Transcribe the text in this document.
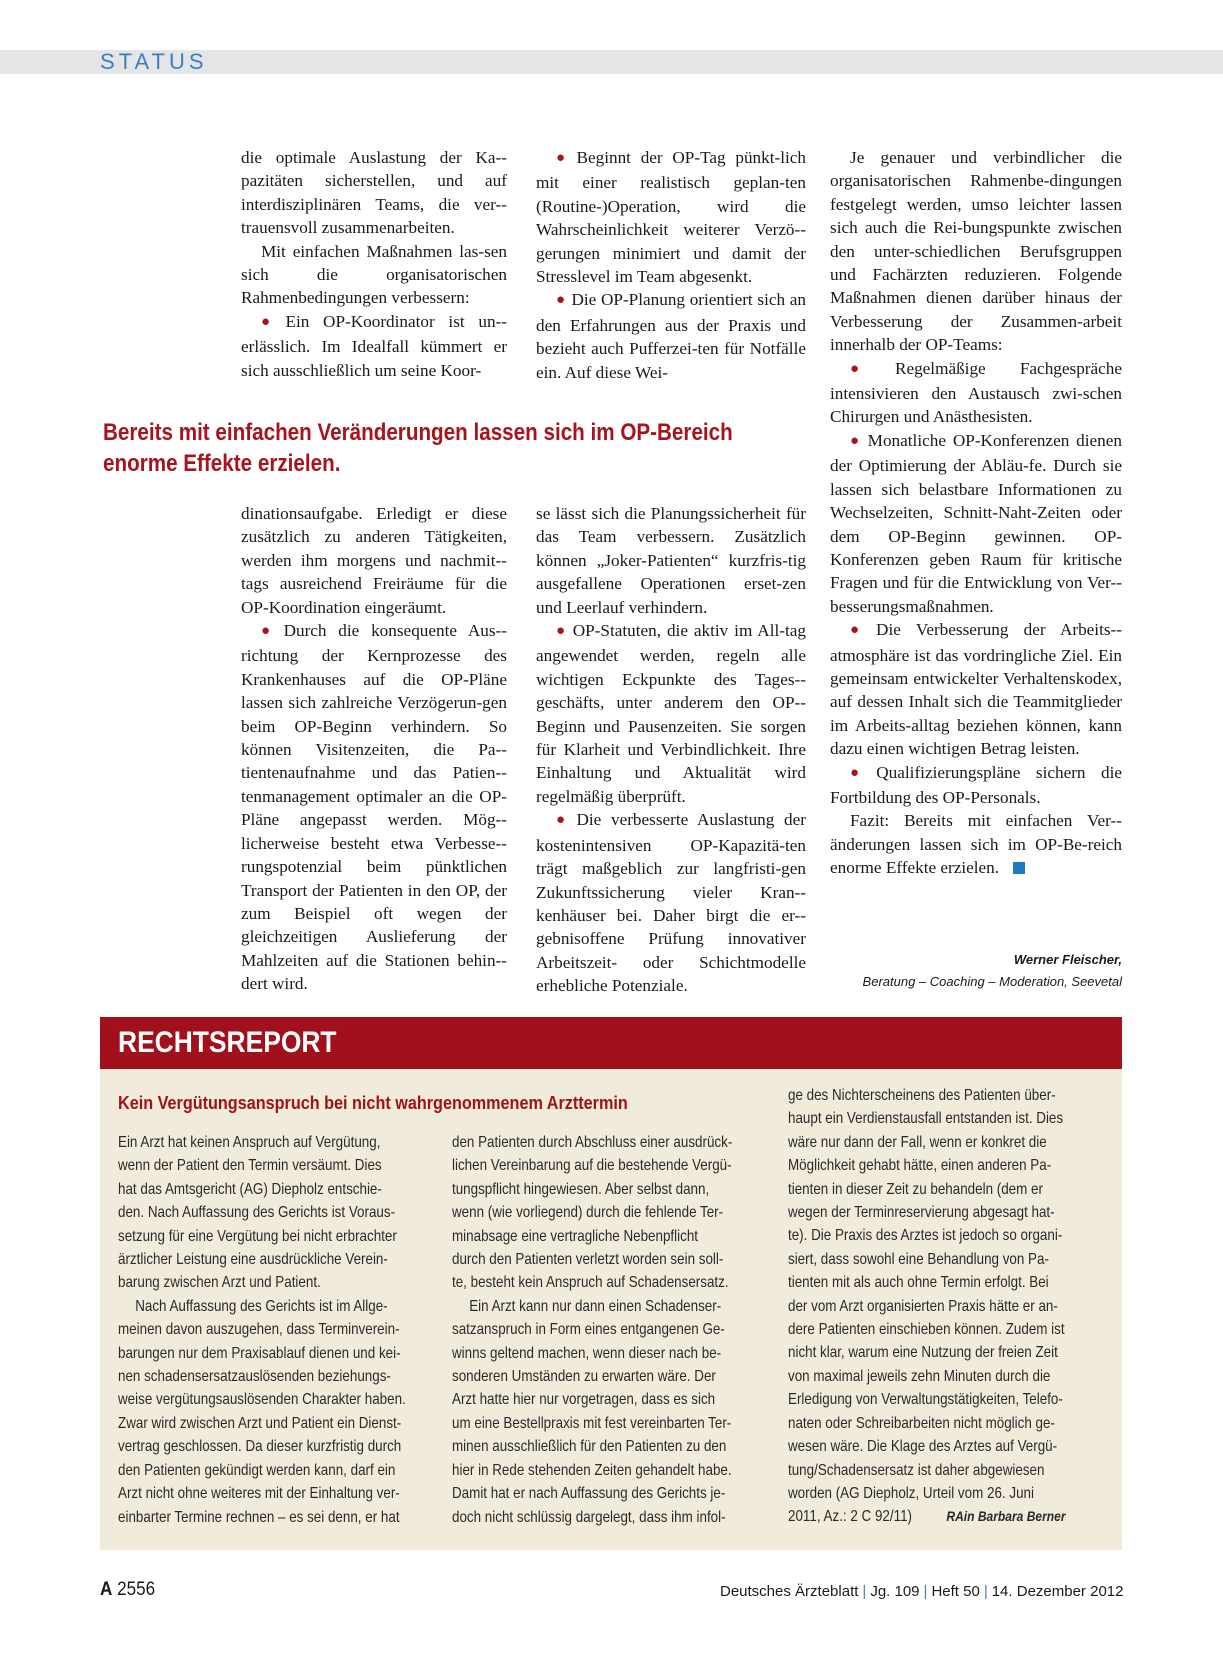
STATUS

die optimale Auslastung der Ka-pazitäten sicherstellen, und auf interdisziplinären Teams, die ver-trauensvoll zusammenarbeiten.

Mit einfachen Maßnahmen las-sen sich die organisatorischen Rahmenbedingungen verbessern:

● Ein OP-Koordinator ist un-erlässlich. Im Idealfall kümmert er sich ausschließlich um seine Koor-

● Beginnt der OP-Tag pünkt-lich mit einer realistisch geplan-ten (Routine-)Operation, wird die Wahrscheinlichkeit weiterer Verzö-gerungen minimiert und damit der Stresslevel im Team abgesenkt.

● Die OP-Planung orientiert sich an den Erfahrungen aus der Praxis und bezieht auch Pufferzei-ten für Notfälle ein. Auf diese Wei-

Bereits mit einfachen Veränderungen lassen sich im OP-Bereich enorme Effekte erzielen.

Je genauer und verbindlicher die organisatorischen Rahmenbe-dingungen festgelegt werden, umso leichter lassen sich auch die Rei-bungspunkte zwischen den unter-schiedlichen Berufsgruppen und Fachärzten reduzieren. Folgende Maßnahmen dienen darüber hinaus der Verbesserung der Zusammen-arbeit innerhalb der OP-Teams:

● Regelmäßige Fachgespräche intensivieren den Austausch zwi-schen Chirurgen und Anästhesisten.

● Monatliche OP-Konferenzen dienen der Optimierung der Abläu-fe. Durch sie lassen sich belastbare Informationen zu Wechselzeiten, Schnitt-Naht-Zeiten oder dem OP-Beginn gewinnen. OP-Konferenzen geben Raum für kritische Fragen und für die Entwicklung von Ver-besserungsmaßnahmen.

● Die Verbesserung der Arbeits-atmosphäre ist das vordringliche Ziel. Ein gemeinsam entwickelter Verhaltenskodex, auf dessen Inhalt sich die Teammitglieder im Arbeits-alltag beziehen können, kann dazu einen wichtigen Betrag leisten.

● Qualifizierungspläne sichern die Fortbildung des OP-Personals.

Fazit: Bereits mit einfachen Ver-änderungen lassen sich im OP-Be-reich enorme Effekte erzielen.

Werner Fleischer,
Beratung – Coaching – Moderation, Seevetal

dinationsaufgabe. Erledigt er diese zusätzlich zu anderen Tätigkeiten, werden ihm morgens und nachmit-tags ausreichend Freiräume für die OP-Koordination eingeräumt.

● Durch die konsequente Aus-richtung der Kernprozesse des Krankenhauses auf die OP-Pläne lassen sich zahlreiche Verzögerun-gen beim OP-Beginn verhindern. So können Visitenzeiten, die Pa-tientenaufnahme und das Patien-tenmanagement optimaler an die OP-Pläne angepasst werden. Mög-licherweise besteht etwa Verbesse-rungspotenzial beim pünktlichen Transport der Patienten in den OP, der zum Beispiel oft wegen der gleichzeitigen Auslieferung der Mahlzeiten auf die Stationen behin-dert wird.

se lässt sich die Planungssicherheit für das Team verbessern. Zusätzlich können „Joker-Patienten“ kurzfris-tig ausgefallene Operationen erset-zen und Leerlauf verhindern.

● OP-Statuten, die aktiv im All-tag angewendet werden, regeln alle wichtigen Eckpunkte des Tages-geschäfts, unter anderem den OP-Beginn und Pausenzeiten. Sie sorgen für Klarheit und Verbindlichkeit. Ihre Einhaltung und Aktualität wird regelmäßig überprüft.

● Die verbesserte Auslastung der kostenintensiven OP-Kapazitä-ten trägt maßgeblich zur langfristi-gen Zukunftssicherung vieler Kran-kenhäuser bei. Daher birgt die er-gebnisoffene Prüfung innovativer Arbeitszeit- oder Schichtmodelle erhebliche Potenziale.

RECHTSREPORT
Kein Vergütungsanspruch bei nicht wahrgenommenem Arzttermin
Ein Arzt hat keinen Anspruch auf Vergütung,
wenn der Patient den Termin versäumt. Dies
hat das Amtsgericht (AG) Diepholz entschie-
den. Nach Auffassung des Gerichts ist Voraus-
setzung für eine Vergütung bei nicht erbrachter
ärztlicher Leistung eine ausdrückliche Verein-
barung zwischen Arzt und Patient.
Nach Auffassung des Gerichts ist im Allge-
meinen davon auszugehen, dass Terminverein-
barungen nur dem Praxisablauf dienen und kei-
nen schadensersatzauslösenden beziehungs-
weise vergütungsauslösenden Charakter haben.
Zwar wird zwischen Arzt und Patient ein Dienst-
vertrag geschlossen. Da dieser kurzfristig durch
den Patienten gekündigt werden kann, darf ein
Arzt nicht ohne weiteres mit der Einhaltung ver-
einbarter Termine rechnen – es sei denn, er hat
den Patienten durch Abschluss einer ausdrück-
lichen Vereinbarung auf die bestehende Vergü-
tungspflicht hingewiesen. Aber selbst dann,
wenn (wie vorliegend) durch die fehlende Ter-
minabsage eine vertragliche Nebenpflicht
durch den Patienten verletzt worden sein soll-
te, besteht kein Anspruch auf Schadensersatz.
Ein Arzt kann nur dann einen Schadenser-
satzanspruch in Form eines entgangenen Ge-
winns geltend machen, wenn dieser nach be-
sonderen Umständen zu erwarten wäre. Der
Arzt hatte hier nur vorgetragen, dass es sich
um eine Bestellpraxis mit fest vereinbarten Ter-
minen ausschließlich für den Patienten zu den
hier in Rede stehenden Zeiten gehandelt habe.
Damit hat er nach Auffassung des Gerichts je-
doch nicht schlüssig dargelegt, dass ihm infol-
ge des Nichterscheinens des Patienten über-
haupt ein Verdienstausfall entstanden ist. Dies
wäre nur dann der Fall, wenn er konkret die
Möglichkeit gehabt hätte, einen anderen Pa-
tienten in dieser Zeit zu behandeln (dem er
wegen der Terminreservierung abgesagt hat-
te). Die Praxis des Arztes ist jedoch so organi-
siert, dass sowohl eine Behandlung von Pa-
tienten mit als auch ohne Termin erfolgt. Bei
der vom Arzt organisierten Praxis hätte er an-
dere Patienten einschieben können. Zudem ist
nicht klar, warum eine Nutzung der freien Zeit
von maximal jeweils zehn Minuten durch die
Erledigung von Verwaltungstätigkeiten, Telefo-
naten oder Schreibarbeiten nicht möglich ge-
wesen wäre. Die Klage des Arztes auf Vergü-
tung/Schadensersatz ist daher abgewiesen
worden (AG Diepholz, Urteil vom 26. Juni
2011, Az.: 2 C 92/11) RAin Barbara Berner
A 2556	Deutsches Ärzteblatt | Jg. 109 | Heft 50 | 14. Dezember 2012
